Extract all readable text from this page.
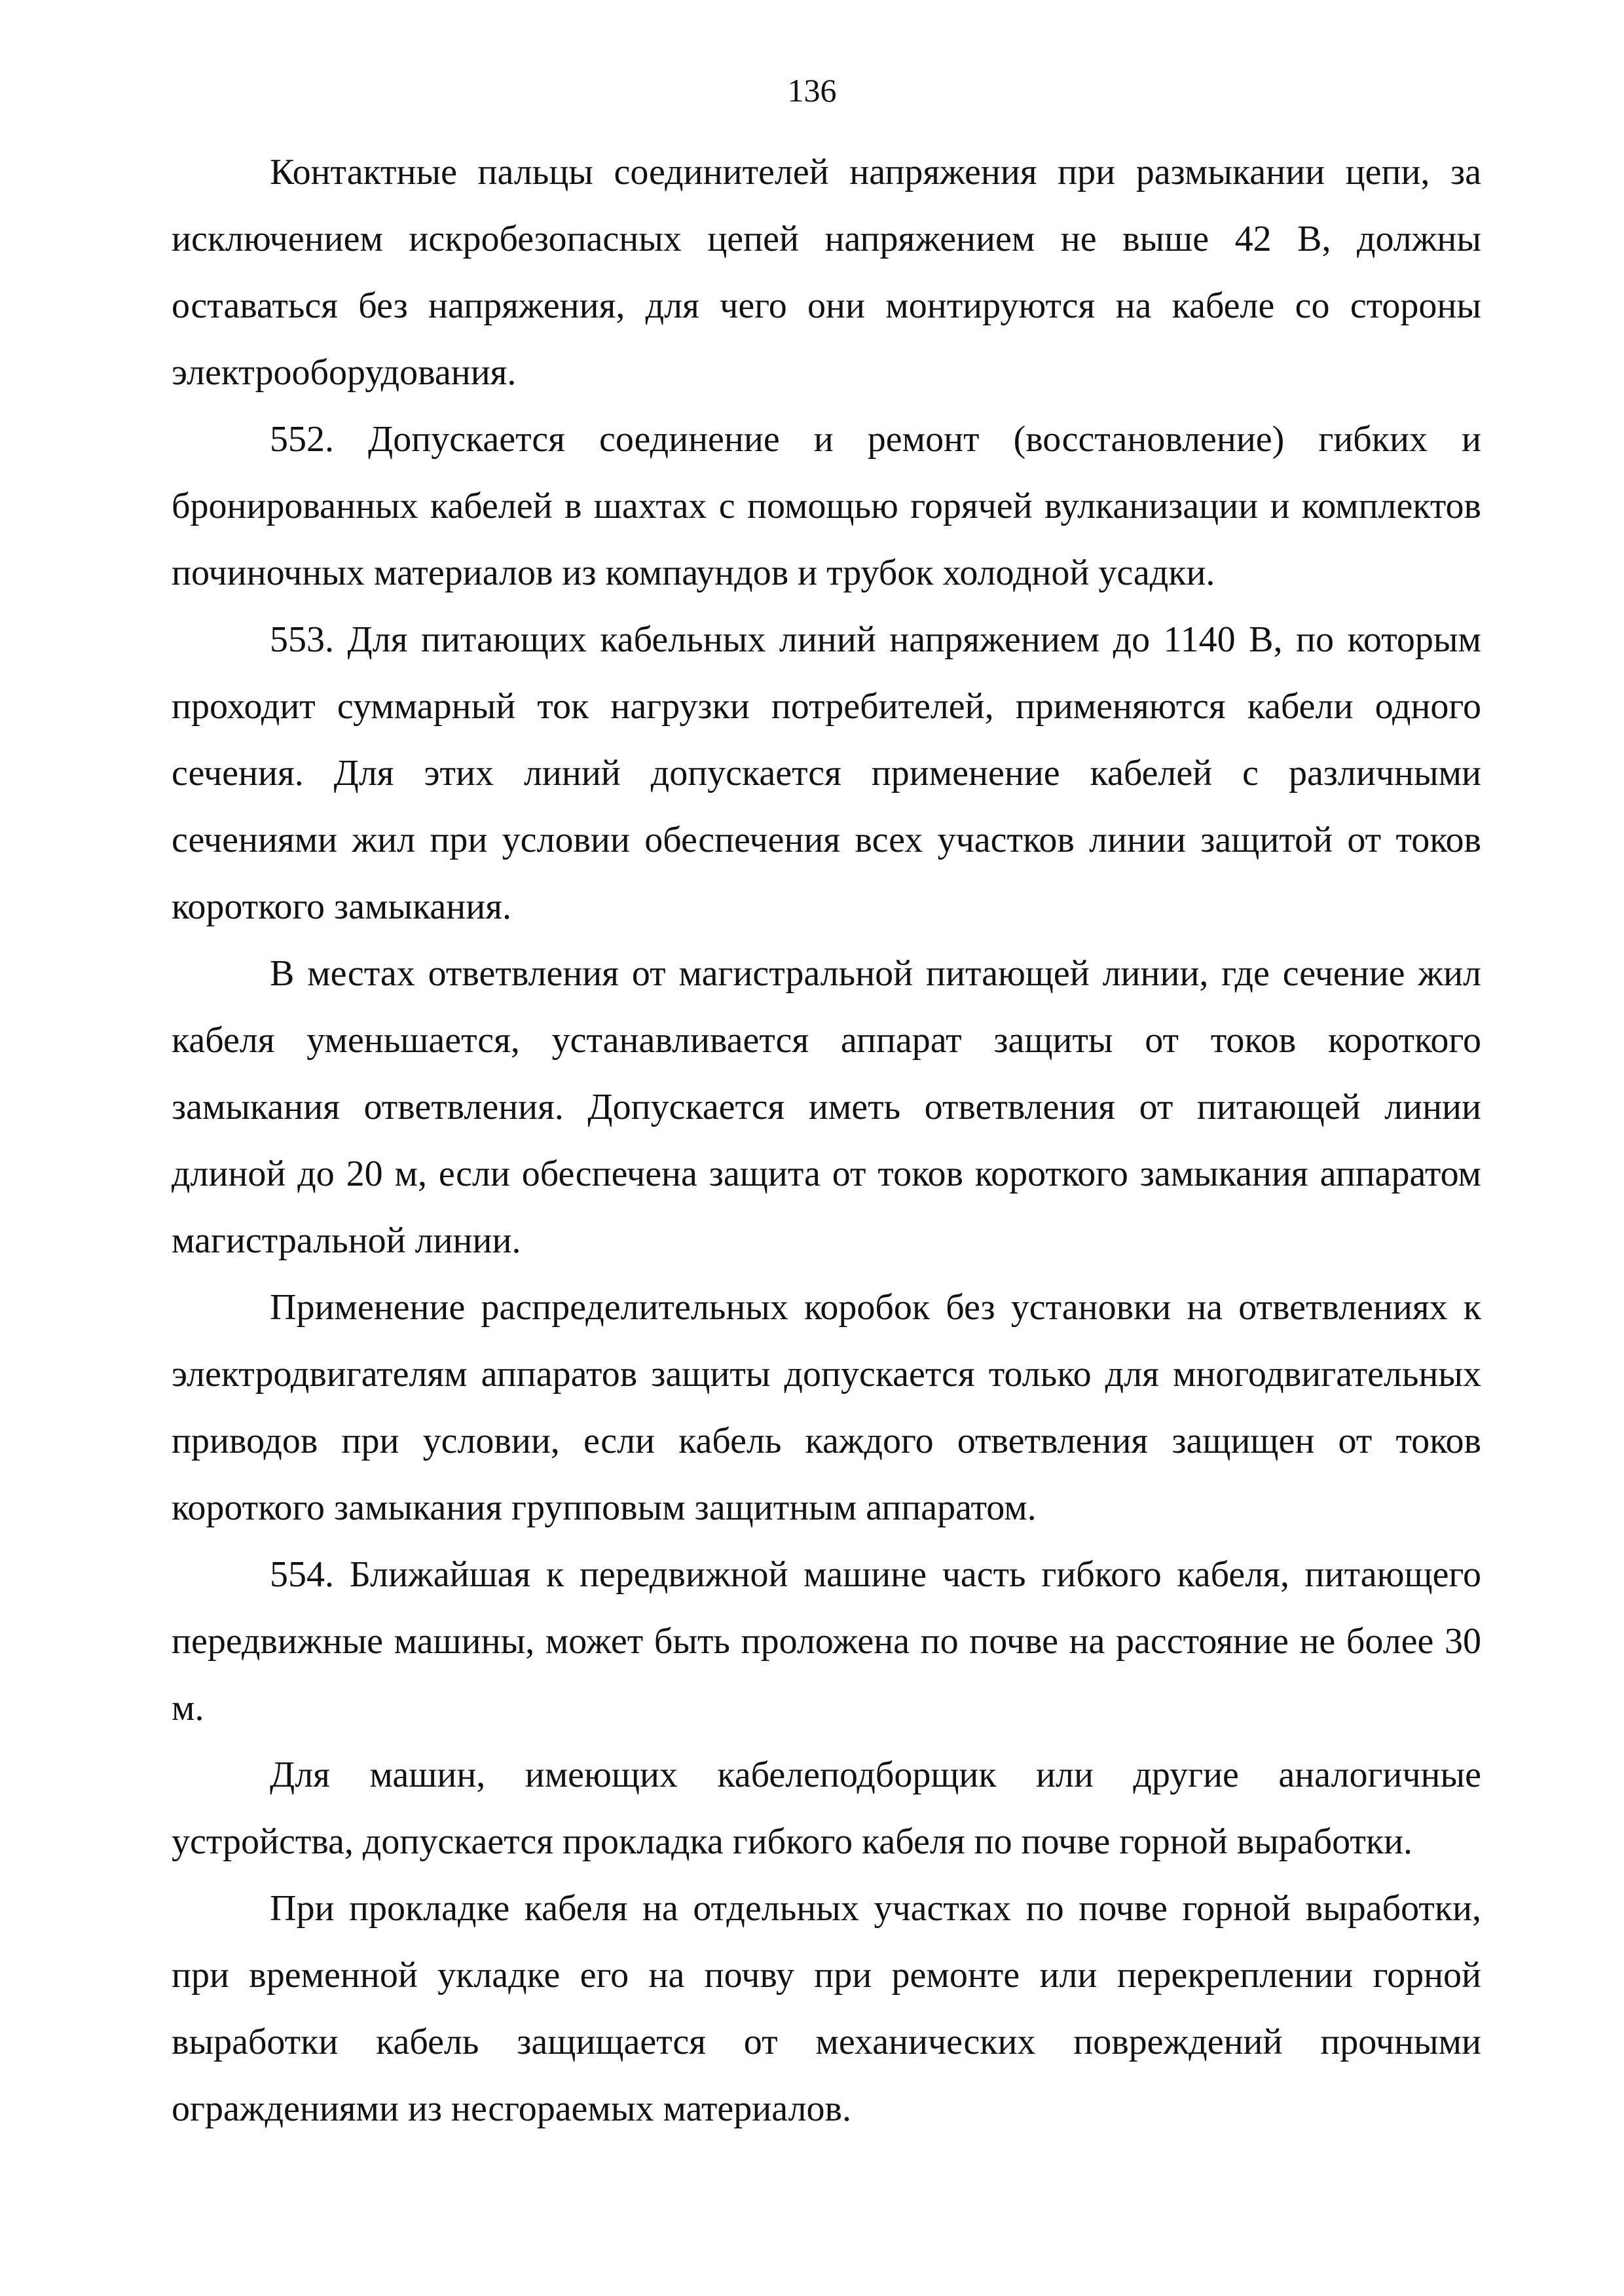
136

Контактные пальцы соединителей напряжения при размыкании цепи, за исключением искробезопасных цепей напряжением не выше 42 В, должны оставаться без напряжения, для чего они монтируются на кабеле со стороны электрооборудования.

552. Допускается соединение и ремонт (восстановление) гибких и бронированных кабелей в шахтах с помощью горячей вулканизации и комплектов починочных материалов из компаундов и трубок холодной усадки.

553. Для питающих кабельных линий напряжением до 1140 В, по которым проходит суммарный ток нагрузки потребителей, применяются кабели одного сечения. Для этих линий допускается применение кабелей с различными сечениями жил при условии обеспечения всех участков линии защитой от токов короткого замыкания.

В местах ответвления от магистральной питающей линии, где сечение жил кабеля уменьшается, устанавливается аппарат защиты от токов короткого замыкания ответвления. Допускается иметь ответвления от питающей линии длиной до 20 м, если обеспечена защита от токов короткого замыкания аппаратом магистральной линии.

Применение распределительных коробок без установки на ответвлениях к электродвигателям аппаратов защиты допускается только для многодвигательных приводов при условии, если кабель каждого ответвления защищен от токов короткого замыкания групповым защитным аппаратом.

554. Ближайшая к передвижной машине часть гибкого кабеля, питающего передвижные машины, может быть проложена по почве на расстояние не более 30 м.

Для машин, имеющих кабелеподборщик или другие аналогичные устройства, допускается прокладка гибкого кабеля по почве горной выработки.

При прокладке кабеля на отдельных участках по почве горной выработки, при временной укладке его на почву при ремонте или перекреплении горной выработки кабель защищается от механических повреждений прочными ограждениями из несгораемых материалов.
